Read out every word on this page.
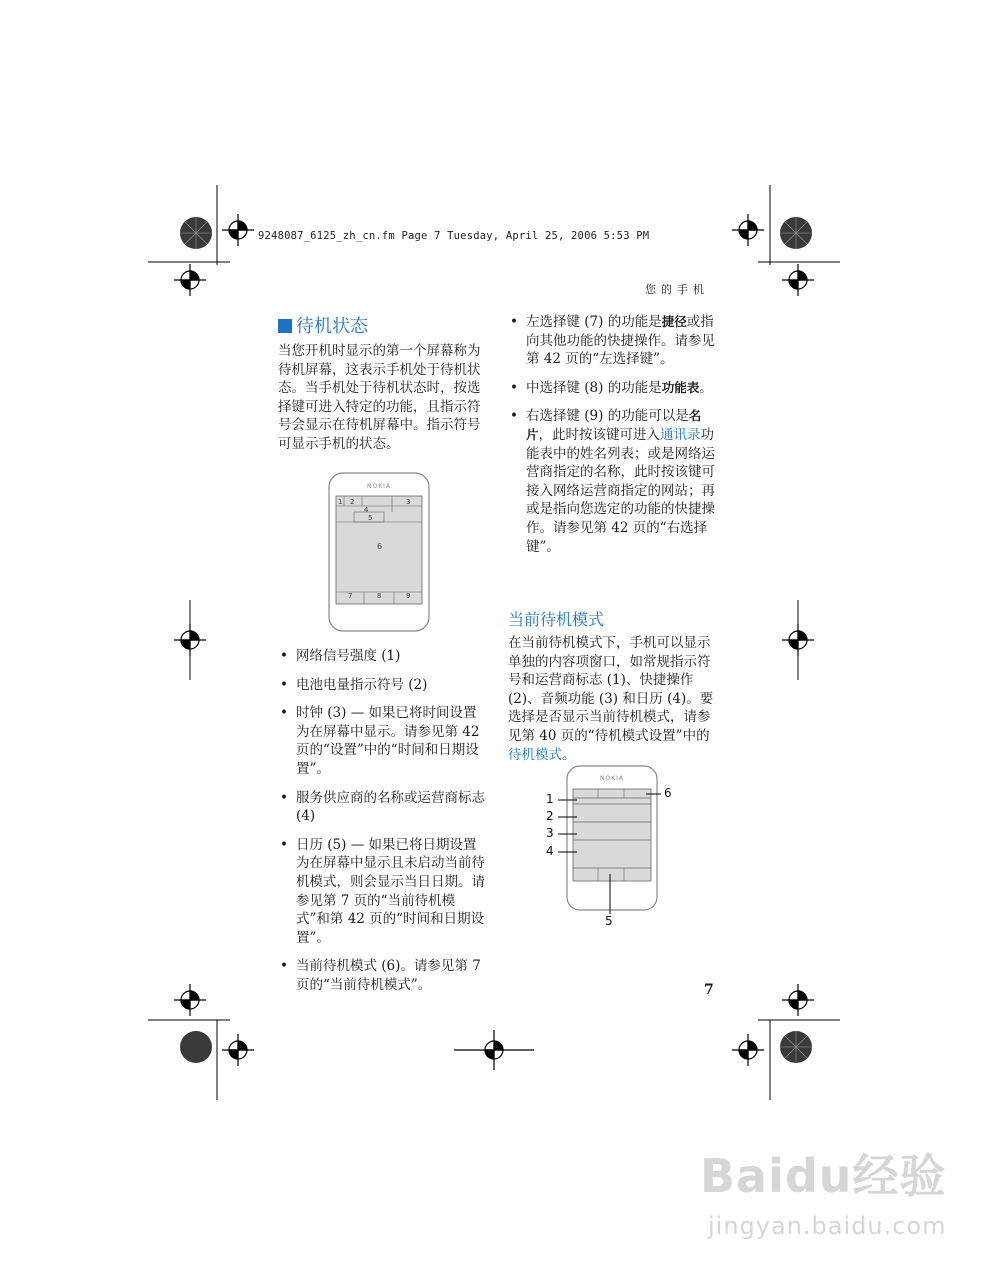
9248087_6125_zh_cn.fm Page 7 Tuesday, April 25, 2006 5:53 PM
您的手机
待机状态
当您开机时显示的第一个屏幕称为待机屏幕，这表示手机处于待机状态。当手机处于待机状态时，按选择键可进入特定的功能，且指示符号会显示在待机屏幕中。指示符号可显示手机的状态。
NOKIA
1 2	3
4
5
6
7	8	9
• 网络信号强度 (1)
• 电池电量指示符号 (2)
• 时钟 (3) — 如果已将时间设置为在屏幕中显示。请参见第 42 页的“设置”中的“时间和日期设置”。
• 服务供应商的名称或运营商标志 (4)
• 日历 (5) — 如果已将日期设置为在屏幕中显示且未启动当前待机模式，则会显示当日日期。请参见第 7 页的“当前待机模式”和第 42 页的“时间和日期设置”。
• 当前待机模式 (6)。请参见第 7 页的“当前待机模式”。
• 左选择键 (7) 的功能是捷径或指向其他功能的快捷操作。请参见第 42 页的“左选择键”。
• 中选择键 (8) 的功能是功能表。
• 右选择键 (9) 的功能可以是名片，此时按该键可进入通讯录功能表中的姓名列表；或是网络运营商指定的名称，此时按该键可接入网络运营商指定的网站；再或是指向您选定的功能的快捷操作。请参见第 42 页的“右选择键”。
当前待机模式
在当前待机模式下，手机可以显示单独的内容项窗口，如常规指示符号和运营商标志 (1)、快捷操作 (2)、音频功能 (3) 和日历 (4)。要选择是否显示当前待机模式，请参见第 40 页的“待机模式设置”中的待机模式。
NOKIA
1
2
3
4
5
6
7
Baidu经验
jingyan.baidu.com
